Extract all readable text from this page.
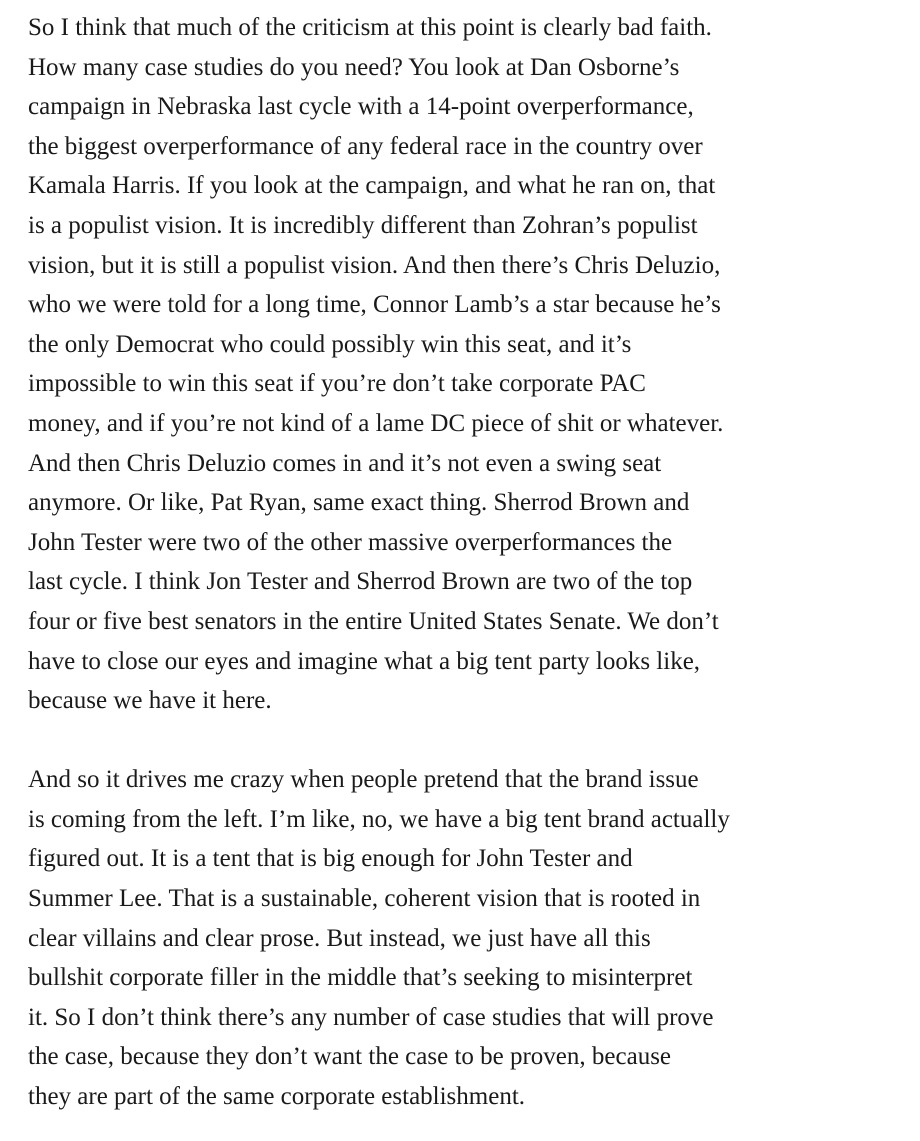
So I think that much of the criticism at this point is clearly bad faith.
How many case studies do you need? You look at Dan Osborne’s
campaign in Nebraska last cycle with a 14-point overperformance,
the biggest overperformance of any federal race in the country over
Kamala Harris. If you look at the campaign, and what he ran on, that
is a populist vision. It is incredibly different than Zohran’s populist
vision, but it is still a populist vision. And then there’s Chris Deluzio,
who we were told for a long time, Connor Lamb’s a star because he’s
the only Democrat who could possibly win this seat, and it’s
impossible to win this seat if you’re don’t take corporate PAC
money, and if you’re not kind of a lame DC piece of shit or whatever.
And then Chris Deluzio comes in and it’s not even a swing seat
anymore. Or like, Pat Ryan, same exact thing. Sherrod Brown and
John Tester were two of the other massive overperformances the
last cycle. I think Jon Tester and Sherrod Brown are two of the top
four or five best senators in the entire United States Senate. We don’t
have to close our eyes and imagine what a big tent party looks like,
because we have it here.
And so it drives me crazy when people pretend that the brand issue
is coming from the left. I’m like, no, we have a big tent brand actually
figured out. It is a tent that is big enough for John Tester and
Summer Lee. That is a sustainable, coherent vision that is rooted in
clear villains and clear prose. But instead, we just have all this
bullshit corporate filler in the middle that’s seeking to misinterpret
it. So I don’t think there’s any number of case studies that will prove
the case, because they don’t want the case to be proven, because
they are part of the same corporate establishment.
